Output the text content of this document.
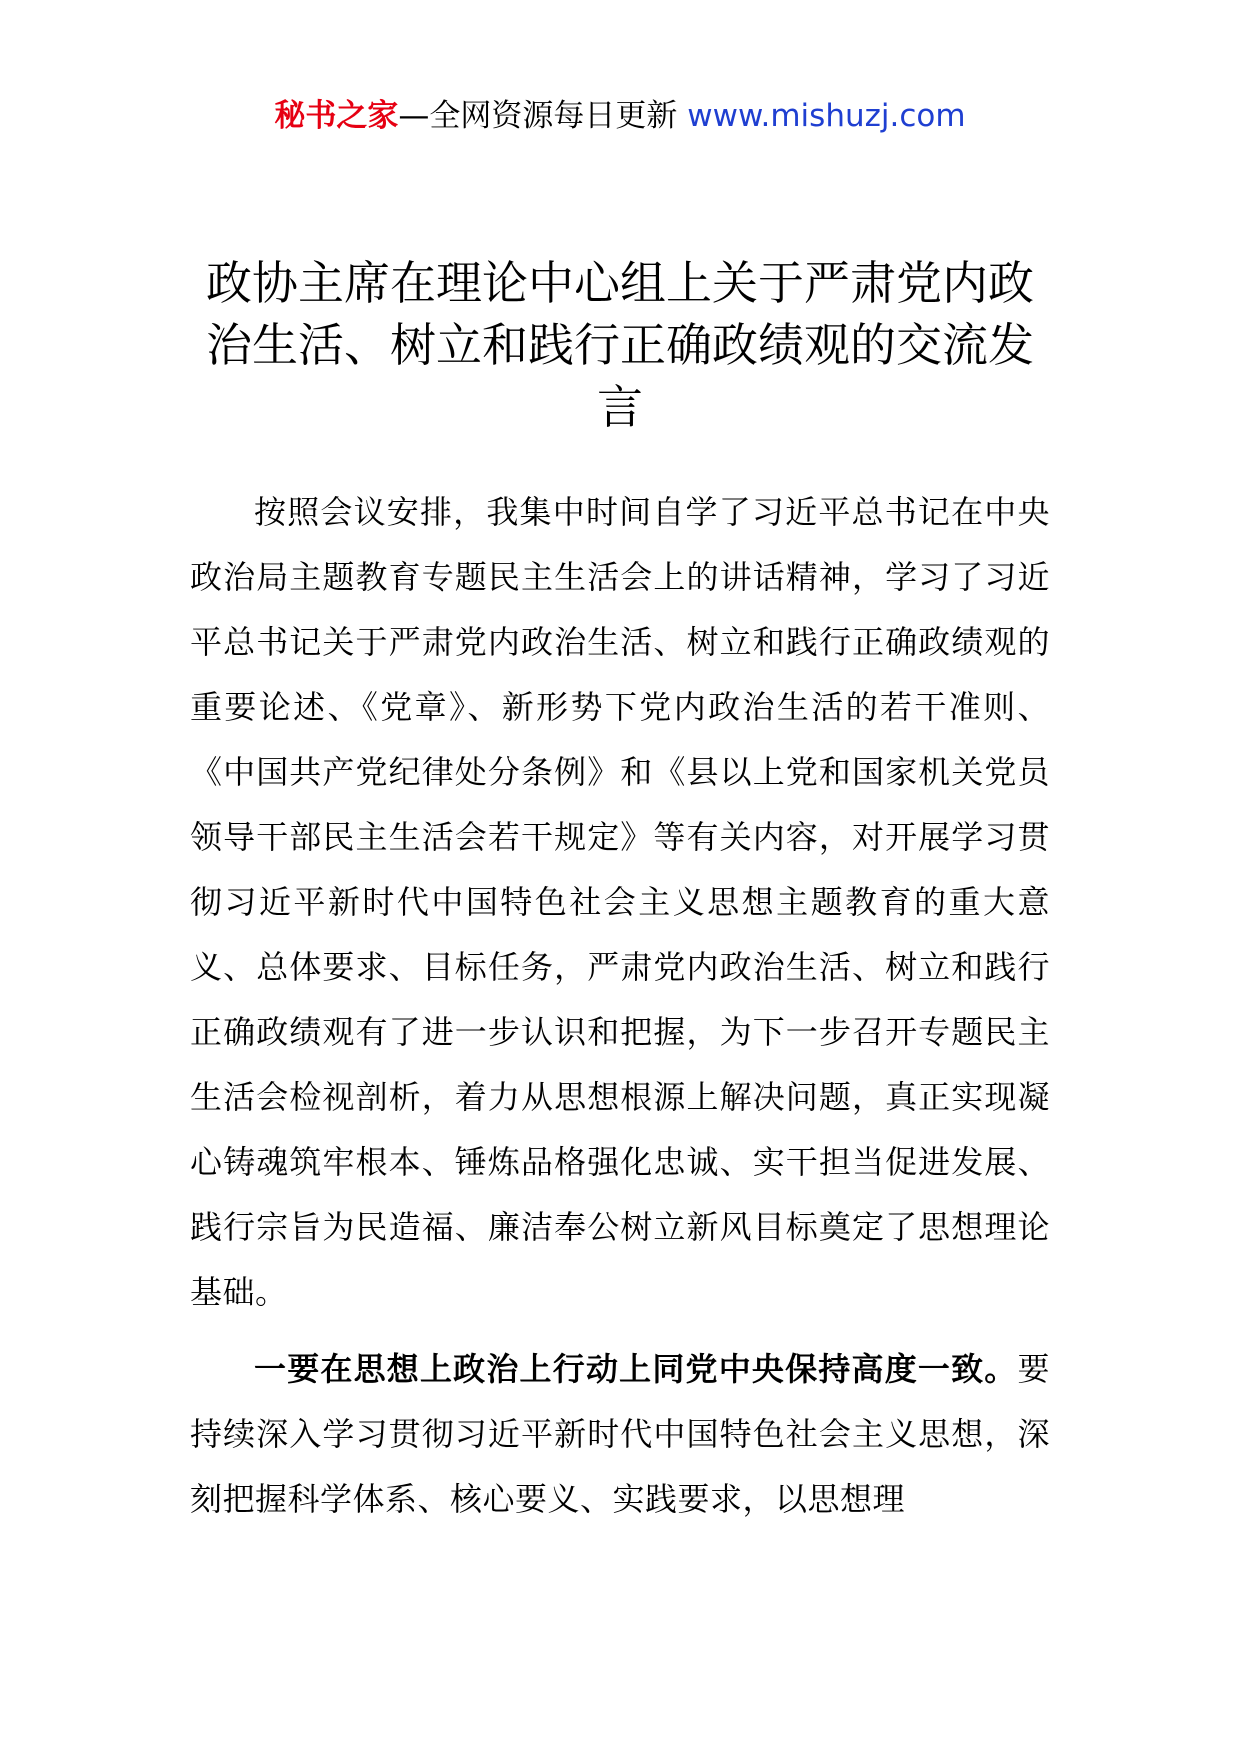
秘书之家—全网资源每日更新 www.mishuzj.com
政协主席在理论中心组上关于严肃党内政治生活、树立和践行正确政绩观的交流发言

按照会议安排，我集中时间自学了习近平总书记在中央政治局主题教育专题民主生活会上的讲话精神，学习了习近平总书记关于严肃党内政治生活、树立和践行正确政绩观的重要论述、《党章》、新形势下党内政治生活的若干准则、《中国共产党纪律处分条例》和《县以上党和国家机关党员领导干部民主生活会若干规定》等有关内容，对开展学习贯彻习近平新时代中国特色社会主义思想主题教育的重大意义、总体要求、目标任务，严肃党内政治生活、树立和践行正确政绩观有了进一步认识和把握，为下一步召开专题民主生活会检视剖析，着力从思想根源上解决问题，真正实现凝心铸魂筑牢根本、锤炼品格强化忠诚、实干担当促进发展、践行宗旨为民造福、廉洁奉公树立新风目标奠定了思想理论基础。

一要在思想上政治上行动上同党中央保持高度一致。要持续深入学习贯彻习近平新时代中国特色社会主义思想，深刻把握科学体系、核心要义、实践要求，以思想理
